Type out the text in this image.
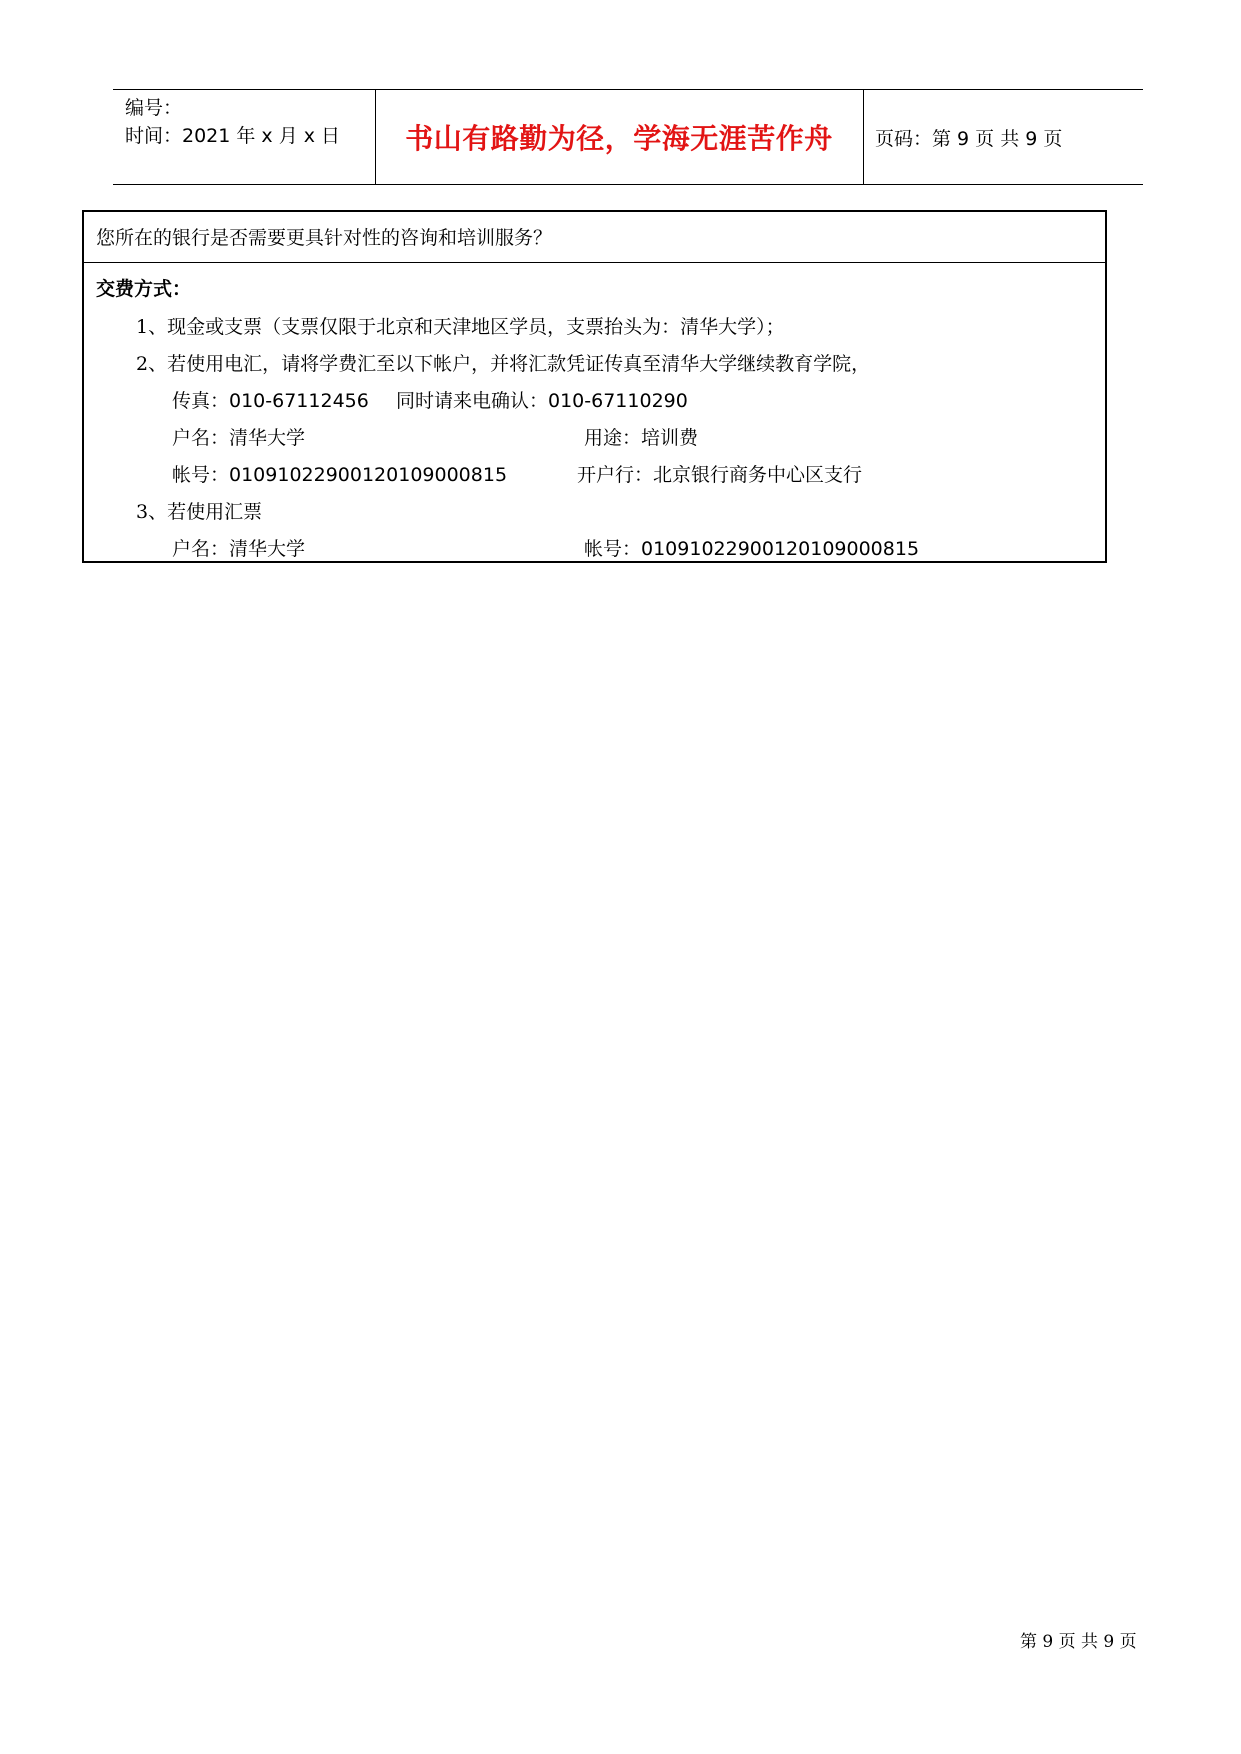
编号：
时间：2021 年 x 月 x 日	书山有路勤为径，学海无涯苦作舟	页码：第 9 页 共 9 页
您所在的银行是否需要更具针对性的咨询和培训服务？
交费方式：
1、现金或支票（支票仅限于北京和天津地区学员，支票抬头为：清华大学）；
2、若使用电汇，请将学费汇至以下帐户，并将汇款凭证传真至清华大学继续教育学院，
传真：010-67112456 同时请来电确认：010-67110290
户名：清华大学	用途：培训费
帐号：0109102290012010900081​5	开户行：北京银行商务中心区支行
3、若使用汇票
户名：清华大学	帐号：0109102290012010900081​5
第 9 页 共 9 页
